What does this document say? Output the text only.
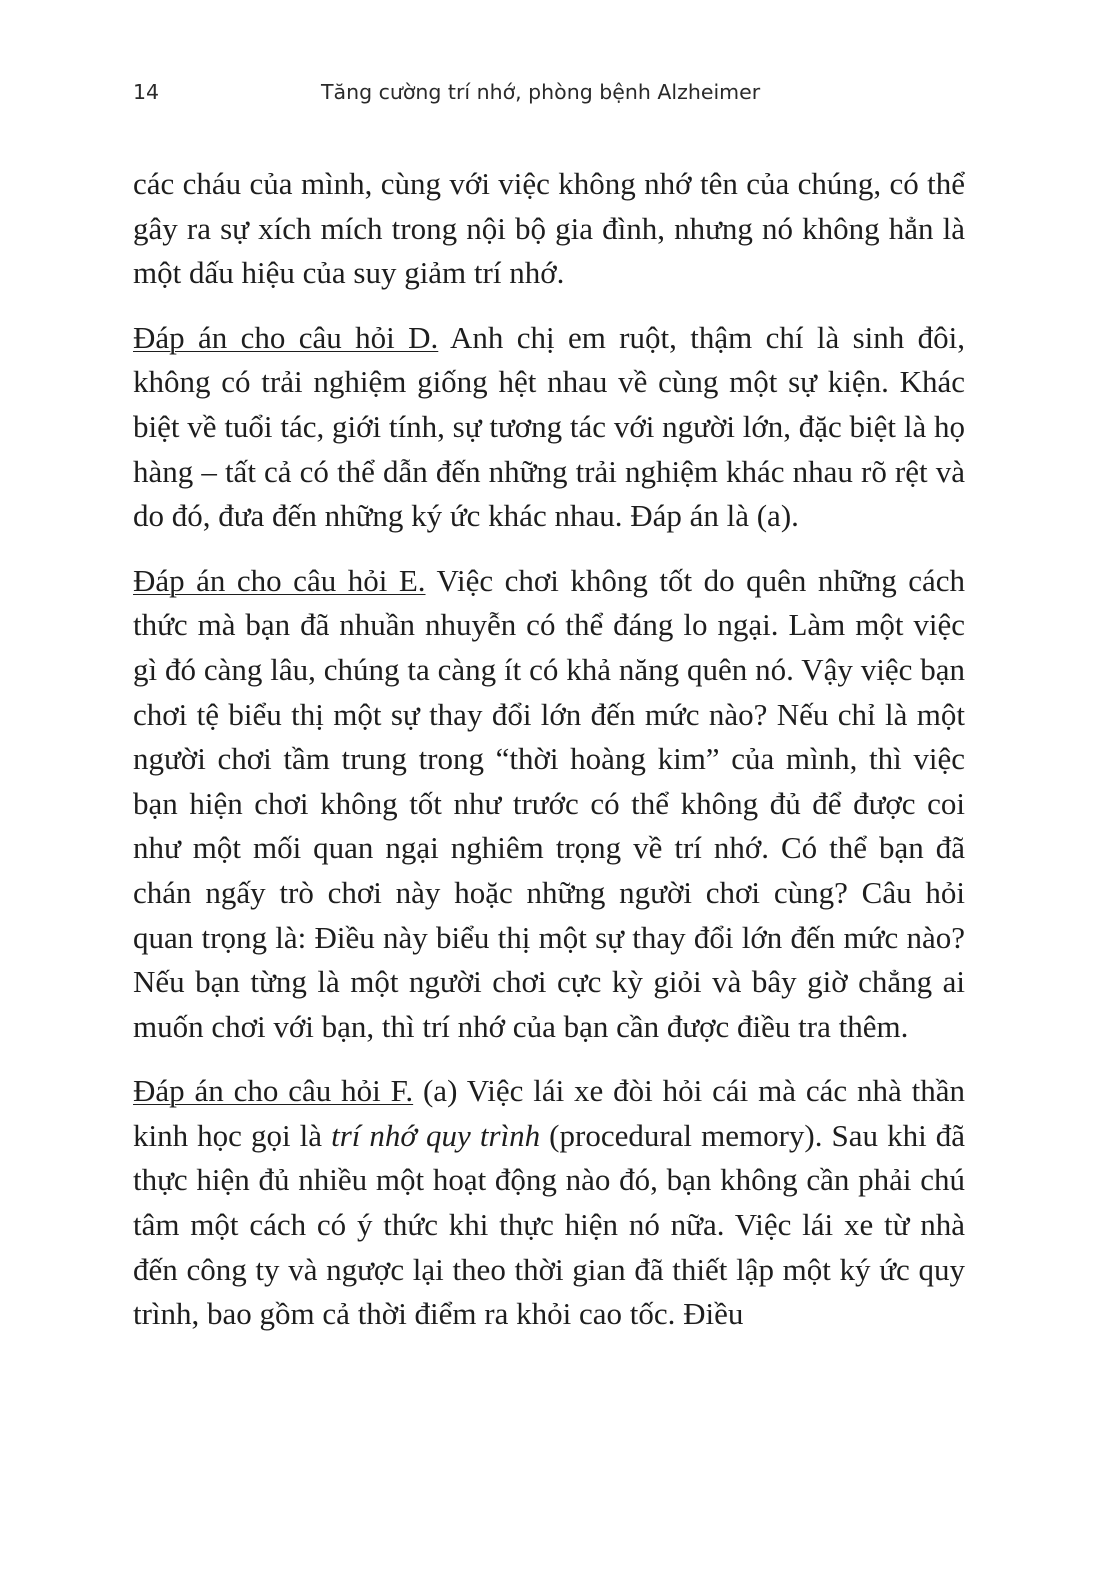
14	Tăng cường trí nhớ, phòng bệnh Alzheimer

các cháu của mình, cùng với việc không nhớ tên của chúng, có thể gây ra sự xích mích trong nội bộ gia đình, nhưng nó không hẳn là một dấu hiệu của suy giảm trí nhớ.

Đáp án cho câu hỏi D. Anh chị em ruột, thậm chí là sinh đôi, không có trải nghiệm giống hệt nhau về cùng một sự kiện. Khác biệt về tuổi tác, giới tính, sự tương tác với người lớn, đặc biệt là họ hàng – tất cả có thể dẫn đến những trải nghiệm khác nhau rõ rệt và do đó, đưa đến những ký ức khác nhau. Đáp án là (a).

Đáp án cho câu hỏi E. Việc chơi không tốt do quên những cách thức mà bạn đã nhuần nhuyễn có thể đáng lo ngại. Làm một việc gì đó càng lâu, chúng ta càng ít có khả năng quên nó. Vậy việc bạn chơi tệ biểu thị một sự thay đổi lớn đến mức nào? Nếu chỉ là một người chơi tầm trung trong “thời hoàng kim” của mình, thì việc bạn hiện chơi không tốt như trước có thể không đủ để được coi như một mối quan ngại nghiêm trọng về trí nhớ. Có thể bạn đã chán ngấy trò chơi này hoặc những người chơi cùng? Câu hỏi quan trọng là: Điều này biểu thị một sự thay đổi lớn đến mức nào? Nếu bạn từng là một người chơi cực kỳ giỏi và bây giờ chẳng ai muốn chơi với bạn, thì trí nhớ của bạn cần được điều tra thêm.

Đáp án cho câu hỏi F. (a) Việc lái xe đòi hỏi cái mà các nhà thần kinh học gọi là trí nhớ quy trình (procedural memory). Sau khi đã thực hiện đủ nhiều một hoạt động nào đó, bạn không cần phải chú tâm một cách có ý thức khi thực hiện nó nữa. Việc lái xe từ nhà đến công ty và ngược lại theo thời gian đã thiết lập một ký ức quy trình, bao gồm cả thời điểm ra khỏi cao tốc. Điều
